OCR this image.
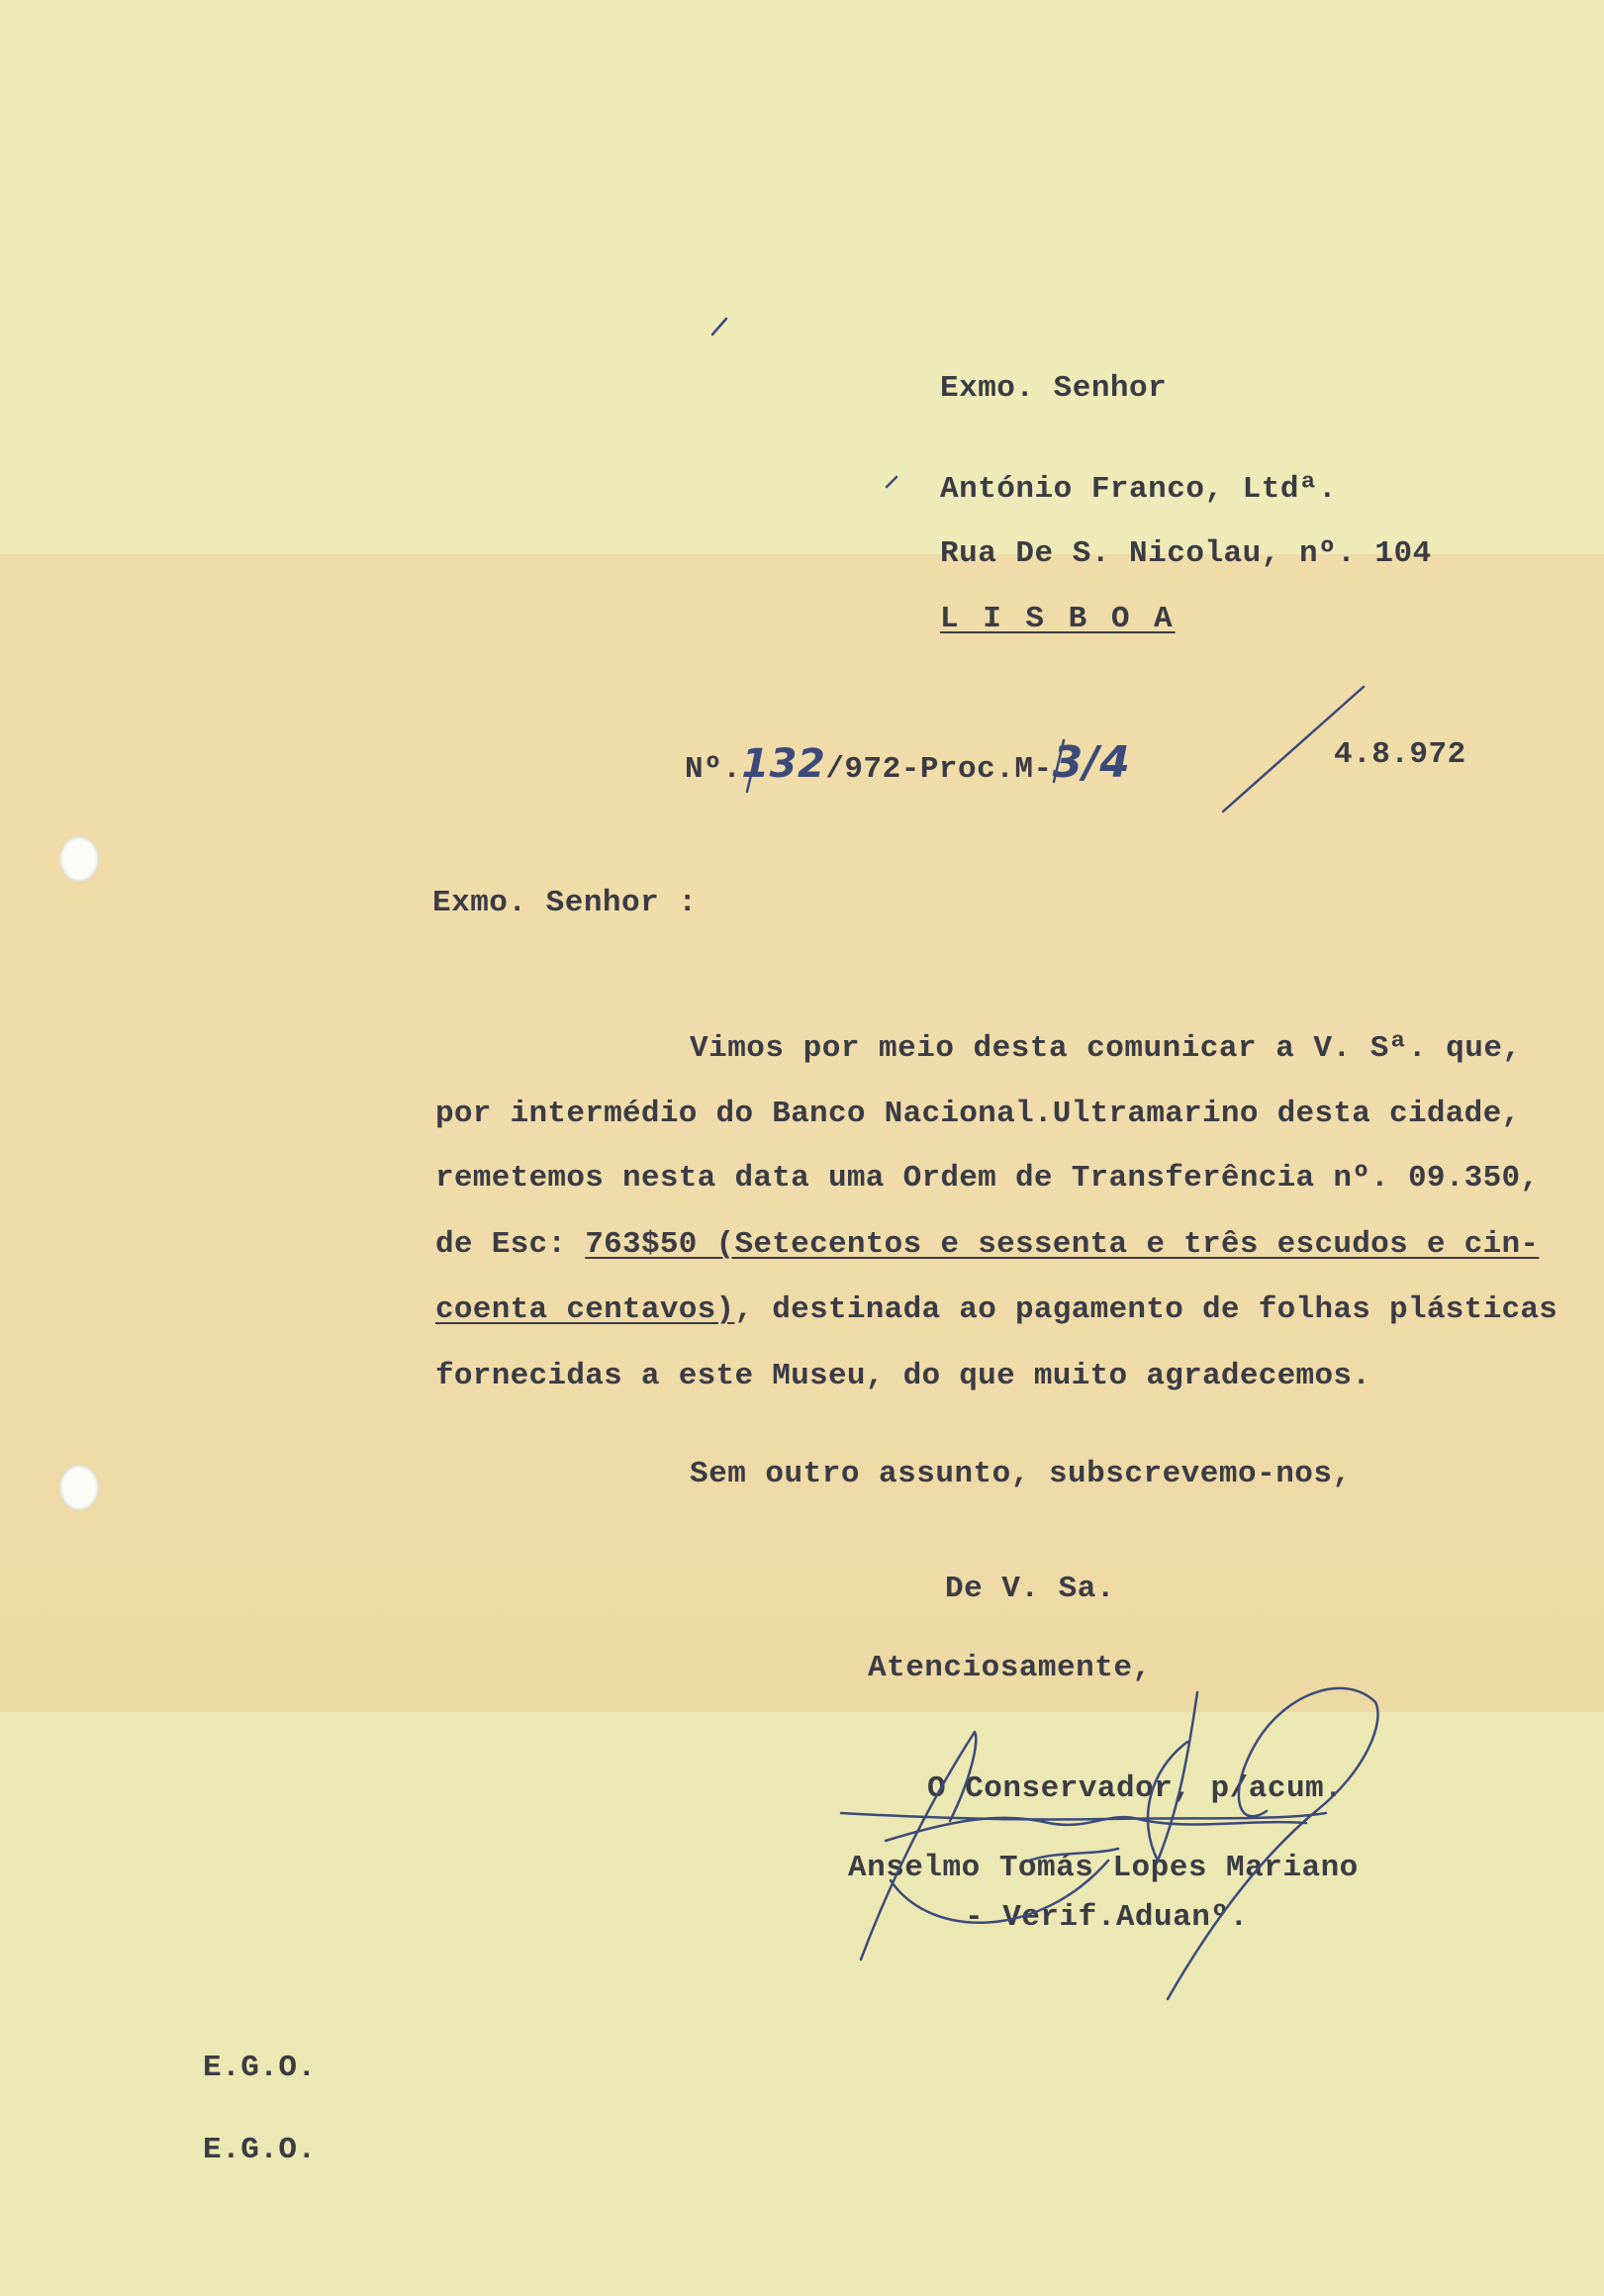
Exmo. Senhor
António Franco, Ltdª.
Rua De S. Nicolau, nº. 104
L I S B O A
Nº.132/972-Proc.M-3/4	4.8.972
Exmo. Senhor :
Vimos por meio desta comunicar a V. Sª. que,
por intermédio do Banco Nacional.Ultramarino desta cidade,
remetemos nesta data uma Ordem de Transferência nº. 09.350,
de Esc: 763$50 (Setecentos e sessenta e três escudos e cin-
coenta centavos), destinada ao pagamento de folhas plásticas
fornecidas a este Museu, do que muito agradecemos.
Sem outro assunto, subscrevemo-nos,
De V. Sa.
Atenciosamente,
O Conservador, p/acum.
Anselmo Tomás Lopes Mariano
- Verif.Aduanº.
E.G.O.
E.G.O.
